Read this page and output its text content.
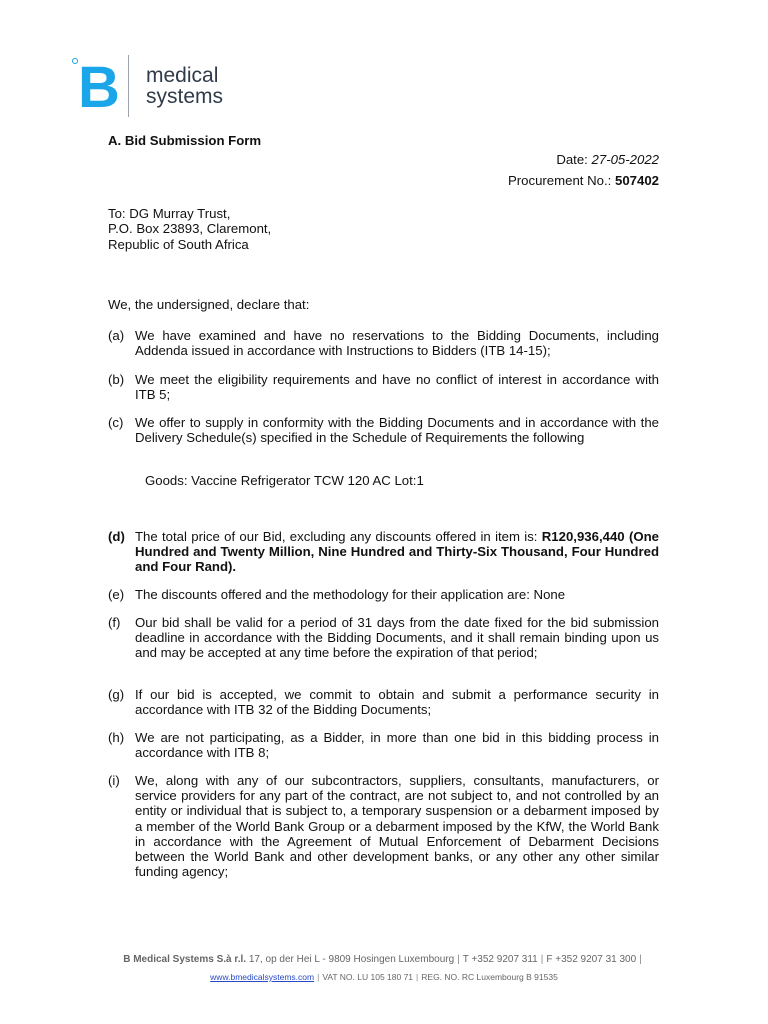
B medical
systems
A. Bid Submission Form
Date: 27-05-2022
Procurement No.: 507402
To: DG Murray Trust,
P.O. Box 23893, Claremont,
Republic of South Africa
We, the undersigned, declare that:
(a) We have examined and have no reservations to the Bidding Documents, including Addenda issued in accordance with Instructions to Bidders (ITB 14-15);
(b) We meet the eligibility requirements and have no conflict of interest in accordance with ITB 5;
(c) We offer to supply in conformity with the Bidding Documents and in accordance with the Delivery Schedule(s) specified in the Schedule of Requirements the following
Goods: Vaccine Refrigerator TCW 120 AC Lot:1
(d) The total price of our Bid, excluding any discounts offered in item is: R120,936,440 (One Hundred and Twenty Million, Nine Hundred and Thirty-Six Thousand, Four Hundred and Four Rand).
(e) The discounts offered and the methodology for their application are: None
(f) Our bid shall be valid for a period of 31 days from the date fixed for the bid submission deadline in accordance with the Bidding Documents, and it shall remain binding upon us and may be accepted at any time before the expiration of that period;
(g) If our bid is accepted, we commit to obtain and submit a performance security in accordance with ITB 32 of the Bidding Documents;
(h) We are not participating, as a Bidder, in more than one bid in this bidding process in accordance with ITB 8;
(i) We, along with any of our subcontractors, suppliers, consultants, manufacturers, or service providers for any part of the contract, are not subject to, and not controlled by an entity or individual that is subject to, a temporary suspension or a debarment imposed by a member of the World Bank Group or a debarment imposed by the KfW, the World Bank in accordance with the Agreement of Mutual Enforcement of Debarment Decisions between the World Bank and other development banks, or any other any other similar funding agency;
B Medical Systems S.à r.l. 17, op der Hei L - 9809 Hosingen Luxembourg | T +352 9207 311 | F +352 9207 31 300 |
www.bmedicalsystems.com | VAT NO. LU 105 180 71 | REG. NO. RC Luxembourg B 91535
